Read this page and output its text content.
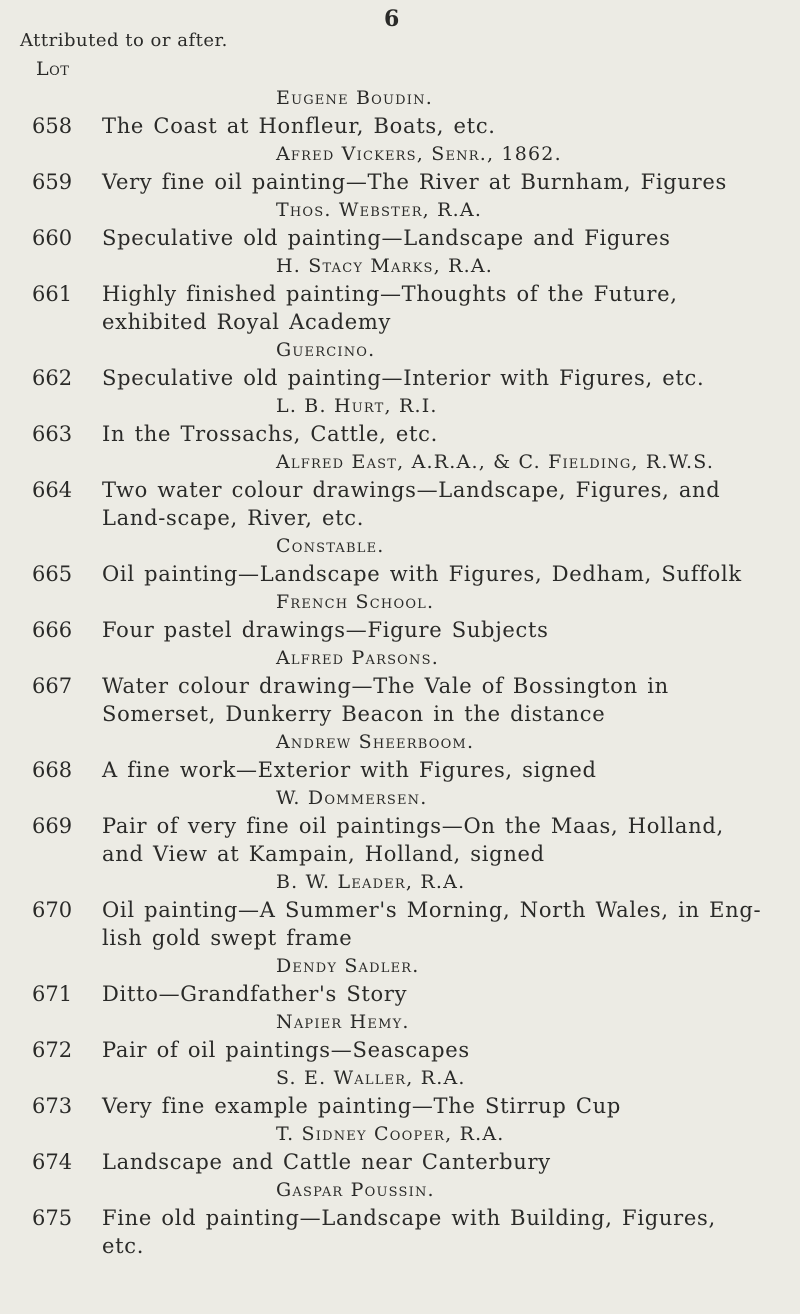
6
Attributed to or after.
Lot
Eugene Boudin.
658	The Coast at Honfleur, Boats, etc.
Afred Vickers, Senr., 1862.
659	Very fine oil painting—The River at Burnham, Figures
Thos. Webster, R.A.
660	Speculative old painting—Landscape and Figures
H. Stacy Marks, R.A.
661	Highly finished painting—Thoughts of the Future, exhibited Royal Academy
Guercino.
662	Speculative old painting—Interior with Figures, etc.
L. B. Hurt, R.I.
663	In the Trossachs, Cattle, etc.
Alfred East, A.R.A., & C. Fielding, R.W.S.
664	Two water colour drawings—Landscape, Figures, and Land-scape, River, etc.
Constable.
665	Oil painting—Landscape with Figures, Dedham, Suffolk
French School.
666	Four pastel drawings—Figure Subjects
Alfred Parsons.
667	Water colour drawing—The Vale of Bossington in Somerset, Dunkerry Beacon in the distance
Andrew Sheerboom.
668	A fine work—Exterior with Figures, signed
W. Dommersen.
669	Pair of very fine oil paintings—On the Maas, Holland, and View at Kampain, Holland, signed
B. W. Leader, R.A.
670	Oil painting—A Summer's Morning, North Wales, in Eng-lish gold swept frame
Dendy Sadler.
671	Ditto—Grandfather's Story
Napier Hemy.
672	Pair of oil paintings—Seascapes
S. E. Waller, R.A.
673	Very fine example painting—The Stirrup Cup
T. Sidney Cooper, R.A.
674	Landscape and Cattle near Canterbury
Gaspar Poussin.
675	Fine old painting—Landscape with Building, Figures, etc.
